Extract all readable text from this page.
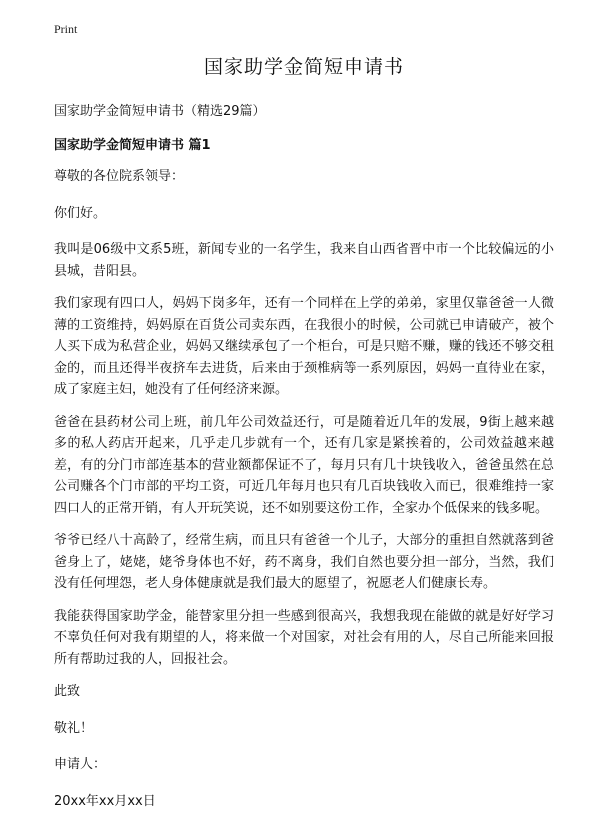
Print
国家助学金简短申请书

国家助学金简短申请书（精选29篇）

国家助学金简短申请书 篇1

尊敬的各位院系领导：

你们好。

我叫是06级中文系5班，新闻专业的一名学生，我来自山西省晋中市一个比较偏远的小县城，昔阳县。

我们家现有四口人，妈妈下岗多年，还有一个同样在上学的弟弟，家里仅靠爸爸一人微薄的工资维持，妈妈原在百货公司卖东西，在我很小的时候，公司就已申请破产，被个人买下成为私营企业，妈妈又继续承包了一个柜台，可是只赔不赚，赚的钱还不够交租金的，而且还得半夜挤车去进货，后来由于颈椎病等一系列原因，妈妈一直待业在家，成了家庭主妇，她没有了任何经济来源。

爸爸在县药材公司上班，前几年公司效益还行，可是随着近几年的发展，9街上越来越多的私人药店开起来，几乎走几步就有一个，还有几家是紧挨着的，公司效益越来越差，有的分门市部连基本的营业额都保证不了，每月只有几十块钱收入，爸爸虽然在总公司赚各个门市部的平均工资，可近几年每月也只有几百块钱收入而已，很难维持一家四口人的正常开销，有人开玩笑说，还不如别要这份工作，全家办个低保来的钱多呢。

爷爷已经八十高龄了，经常生病，而且只有爸爸一个儿子，大部分的重担自然就落到爸爸身上了，姥姥，姥爷身体也不好，药不离身，我们自然也要分担一部分，当然，我们没有任何埋怨，老人身体健康就是我们最大的愿望了，祝愿老人们健康长寿。

我能获得国家助学金，能替家里分担一些感到很高兴，我想我现在能做的就是好好学习不辜负任何对我有期望的人，将来做一个对国家，对社会有用的人，尽自己所能来回报所有帮助过我的人，回报社会。

此致

敬礼！

申请人：

20xx年xx月xx日
